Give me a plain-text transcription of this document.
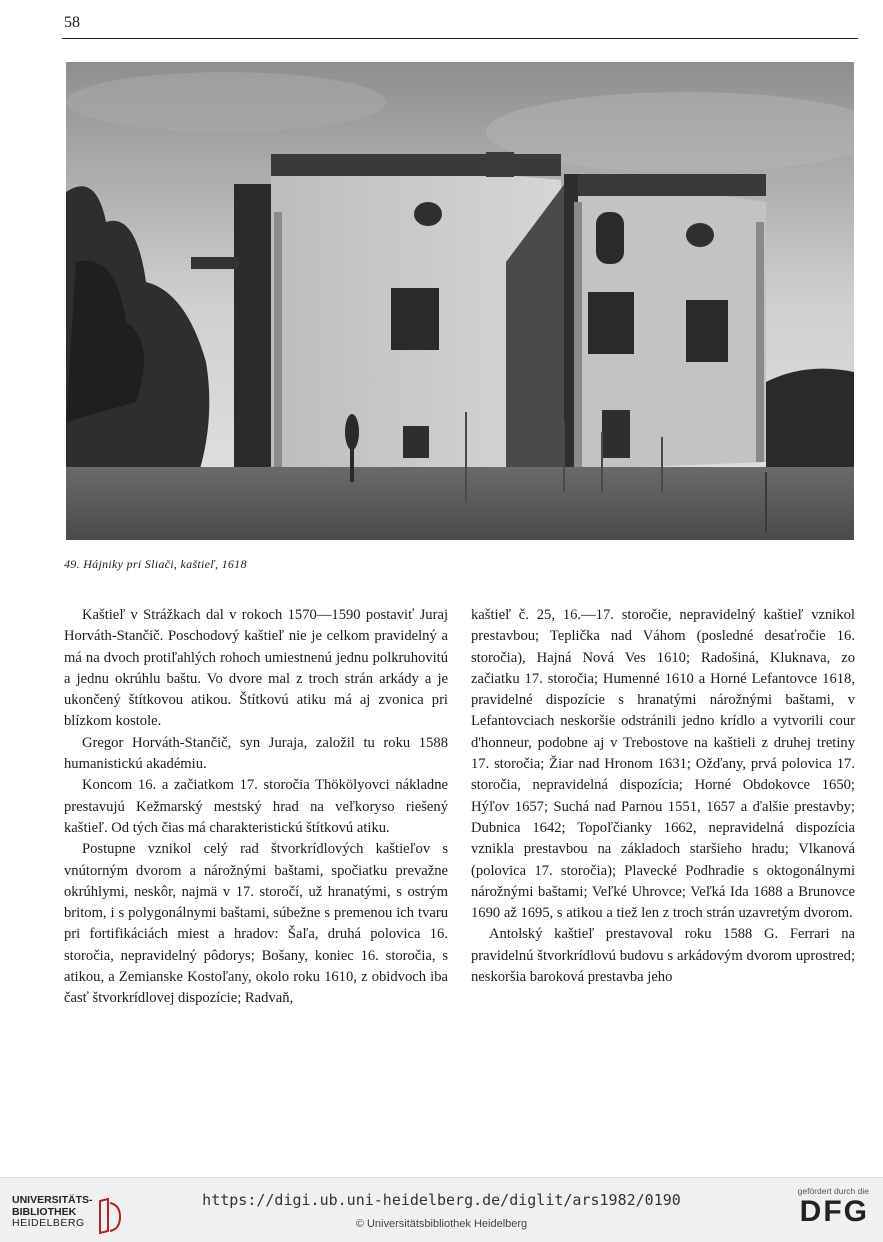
58
49. Hájniky pri Sliači, kaštieľ, 1618

Kaštieľ v Strážkach dal v rokoch 1570—1590 postaviť Juraj Horváth-Stančič. Poschodový kaštieľ nie je celkom pravidelný a má na dvoch protiľahlých rohoch umiestnenú jednu polkruhovitú a jednu okrúhlu baštu. Vo dvore mal z troch strán arkády a je ukončený štítkovou atikou. Štítkovú atiku má aj zvonica pri blízkom kostole.

Gregor Horváth-Stančič, syn Juraja, založil tu roku 1588 humanistickú akadémiu.

Koncom 16. a začiatkom 17. storočia Thökölyovci nákladne prestavujú Kežmarský mestský hrad na veľkoryso riešený kaštieľ. Od tých čias má charakteristickú štítkovú atiku.

Postupne vznikol celý rad štvorkrídlových kaštieľov s vnútorným dvorom a nárožnými baštami, spočiatku prevažne okrúhlymi, neskôr, najmä v 17. storočí, už hranatými, s ostrým britom, i s polygonálnymi baštami, súbežne s premenou ich tvaru pri fortifikáciách miest a hradov: Šaľa, druhá polovica 16. storočia, nepravidelný pôdorys; Bošany, koniec 16. storočia, s atikou, a Zemianske Kostoľany, okolo roku 1610, z obidvoch iba časť štvorkrídlovej dispozície; Radvaň,

kaštieľ č. 25, 16.—17. storočie, nepravidelný kaštieľ vznikol prestavbou; Teplička nad Váhom (posledné desaťročie 16. storočia), Hajná Nová Ves 1610; Radošiná, Kluknava, zo začiatku 17. storočia; Humenné 1610 a Horné Lefantovce 1618, pravidelné dispozície s hranatými nárožnými baštami, v Lefantovciach neskoršie odstránili jedno krídlo a vytvorili cour d'honneur, podobne aj v Trebostove na kaštieli z druhej tretiny 17. storočia; Žiar nad Hronom 1631; Ožďany, prvá polovica 17. storočia, nepravidelná dispozícia; Horné Obdokovce 1650; Hýľov 1657; Suchá nad Parnou 1551, 1657 a ďalšie prestavby; Dubnica 1642; Topoľčianky 1662, nepravidelná dispozícia vznikla prestavbou na základoch staršieho hradu; Vlkanová (polovica 17. storočia); Plavecké Podhradie s oktogonálnymi nárožnými baštami; Veľké Uhrovce; Veľká Ida 1688 a Brunovce 1690 až 1695, s atikou a tiež len z troch strán uzavretým dvorom.

Antolský kaštieľ prestavoval roku 1588 G. Ferrari na pravidelnú štvorkrídlovú budovu s arkádovým dvorom uprostred; neskoršia baroková prestavba jeho

UNIVERSITÄTS-
BIBLIOTHEK
HEIDELBERG
https://digi.ub.uni-heidelberg.de/diglit/ars1982/0190
© Universitätsbibliothek Heidelberg
gefördert durch die
DFG
